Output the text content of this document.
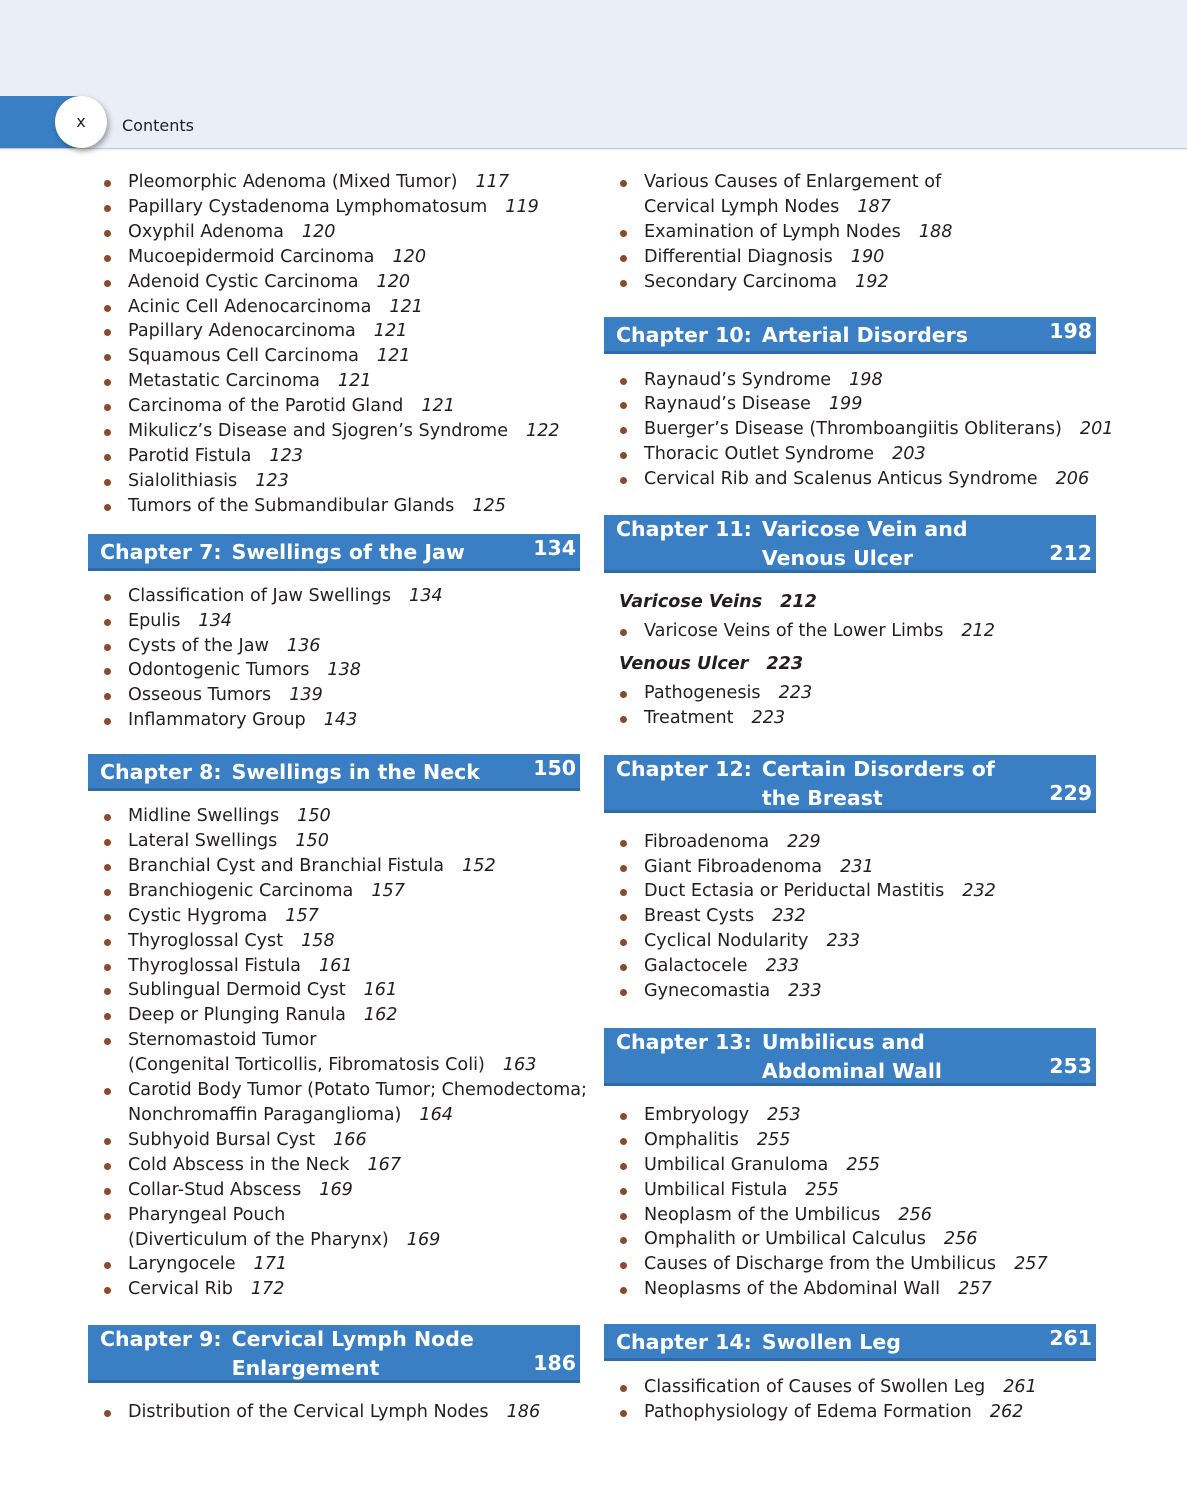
x	Contents
Pleomorphic Adenoma (Mixed Tumor) 117
Papillary Cystadenoma Lymphomatosum 119
Oxyphil Adenoma 120
Mucoepidermoid Carcinoma 120
Adenoid Cystic Carcinoma 120
Acinic Cell Adenocarcinoma 121
Papillary Adenocarcinoma 121
Squamous Cell Carcinoma 121
Metastatic Carcinoma 121
Carcinoma of the Parotid Gland 121
Mikulicz’s Disease and Sjogren’s Syndrome 122
Parotid Fistula 123
Sialolithiasis 123
Tumors of the Submandibular Glands 125
Chapter 7: Swellings of the Jaw	134
Classification of Jaw Swellings 134
Epulis 134
Cysts of the Jaw 136
Odontogenic Tumors 138
Osseous Tumors 139
Inflammatory Group 143
Chapter 8: Swellings in the Neck	150
Midline Swellings 150
Lateral Swellings 150
Branchial Cyst and Branchial Fistula 152
Branchiogenic Carcinoma 157
Cystic Hygroma 157
Thyroglossal Cyst 158
Thyroglossal Fistula 161
Sublingual Dermoid Cyst 161
Deep or Plunging Ranula 162
Sternomastoid Tumor
(Congenital Torticollis, Fibromatosis Coli) 163
Carotid Body Tumor (Potato Tumor; Chemodectoma;
Nonchromaffin Paraganglioma) 164
Subhyoid Bursal Cyst 166
Cold Abscess in the Neck 167
Collar-Stud Abscess 169
Pharyngeal Pouch
(Diverticulum of the Pharynx) 169
Laryngocele 171
Cervical Rib 172
Chapter 9: Cervical Lymph Node
Enlargement	186
Distribution of the Cervical Lymph Nodes 186
Various Causes of Enlargement of
Cervical Lymph Nodes 187
Examination of Lymph Nodes 188
Differential Diagnosis 190
Secondary Carcinoma 192
Chapter 10: Arterial Disorders	198
Raynaud’s Syndrome 198
Raynaud’s Disease 199
Buerger’s Disease (Thromboangiitis Obliterans) 201
Thoracic Outlet Syndrome 203
Cervical Rib and Scalenus Anticus Syndrome 206
Chapter 11: Varicose Vein and
Venous Ulcer	212
Varicose Veins 212
Varicose Veins of the Lower Limbs 212
Venous Ulcer 223
Pathogenesis 223
Treatment 223
Chapter 12: Certain Disorders of
the Breast	229
Fibroadenoma 229
Giant Fibroadenoma 231
Duct Ectasia or Periductal Mastitis 232
Breast Cysts 232
Cyclical Nodularity 233
Galactocele 233
Gynecomastia 233
Chapter 13: Umbilicus and
Abdominal Wall	253
Embryology 253
Omphalitis 255
Umbilical Granuloma 255
Umbilical Fistula 255
Neoplasm of the Umbilicus 256
Omphalith or Umbilical Calculus 256
Causes of Discharge from the Umbilicus 257
Neoplasms of the Abdominal Wall 257
Chapter 14: Swollen Leg	261
Classification of Causes of Swollen Leg 261
Pathophysiology of Edema Formation 262
